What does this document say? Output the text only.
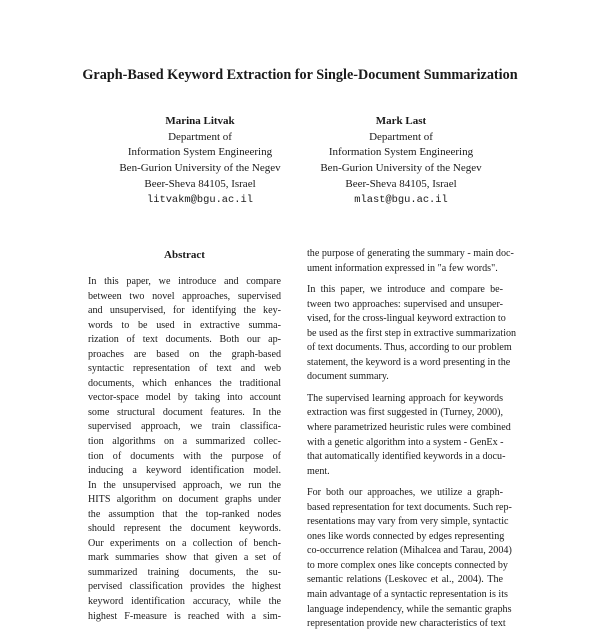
Graph-Based Keyword Extraction for Single-Document Summarization
Marina Litvak
Department of
Information System Engineering
Ben-Gurion University of the Negev
Beer-Sheva 84105, Israel
litvakm@bgu.ac.il
Mark Last
Department of
Information System Engineering
Ben-Gurion University of the Negev
Beer-Sheva 84105, Israel
mlast@bgu.ac.il
Abstract
In this paper, we introduce and compare
between two novel approaches, supervised
and unsupervised, for identifying the key-
words to be used in extractive summa-
rization of text documents. Both our ap-
proaches are based on the graph-based
syntactic representation of text and web
documents, which enhances the traditional
vector-space model by taking into account
some structural document features. In the
supervised approach, we train classifica-
tion algorithms on a summarized collec-
tion of documents with the purpose of
inducing a keyword identification model.
In the unsupervised approach, we run the
HITS algorithm on document graphs under
the assumption that the top-ranked nodes
should represent the document keywords.
Our experiments on a collection of bench-
mark summaries show that given a set of
summarized training documents, the su-
pervised classification provides the highest
keyword identification accuracy, while the
highest F-measure is reached with a sim-
the purpose of generating the summary - main doc-
ument information expressed in "a few words".
In this paper, we introduce and compare be-
tween two approaches: supervised and unsuper-
vised, for the cross-lingual keyword extraction to
be used as the first step in extractive summarization
of text documents. Thus, according to our problem
statement, the keyword is a word presenting in the
document summary.
The supervised learning approach for keywords
extraction was first suggested in (Turney, 2000),
where parametrized heuristic rules were combined
with a genetic algorithm into a system - GenEx -
that automatically identified keywords in a docu-
ment.
For both our approaches, we utilize a graph-
based representation for text documents. Such rep-
resentations may vary from very simple, syntactic
ones like words connected by edges representing
co-occurrence relation (Mihalcea and Tarau, 2004)
to more complex ones like concepts connected by
semantic relations (Leskovec et al., 2004). The
main advantage of a syntactic representation is its
language independency, while the semantic graphs
representation provide new characteristics of text
